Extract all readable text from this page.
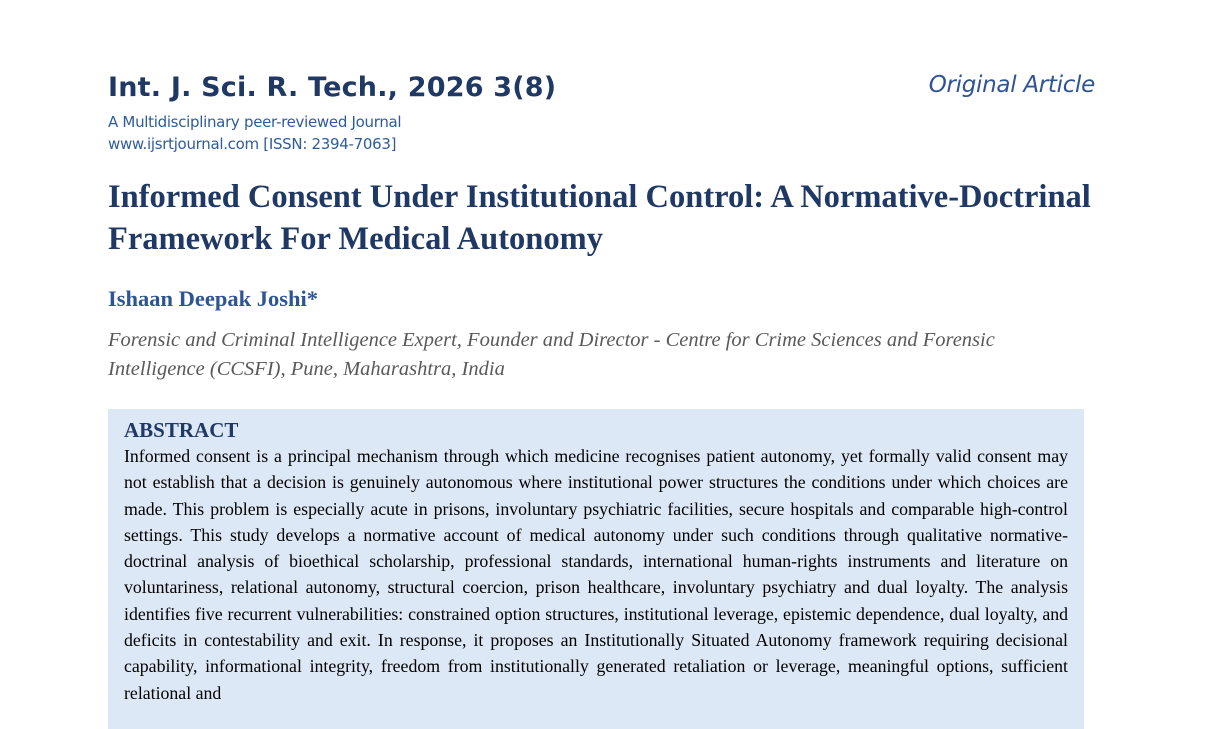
Int. J. Sci. R. Tech., 2026 3(8)
A Multidisciplinary peer-reviewed Journal
www.ijsrtjournal.com [ISSN: 2394-7063]
Original Article
Informed Consent Under Institutional Control: A Normative-Doctrinal Framework For Medical Autonomy
Ishaan Deepak Joshi*
Forensic and Criminal Intelligence Expert, Founder and Director - Centre for Crime Sciences and Forensic Intelligence (CCSFI), Pune, Maharashtra, India
ABSTRACT

Informed consent is a principal mechanism through which medicine recognises patient autonomy, yet formally valid consent may not establish that a decision is genuinely autonomous where institutional power structures the conditions under which choices are made. This problem is especially acute in prisons, involuntary psychiatric facilities, secure hospitals and comparable high-control settings. This study develops a normative account of medical autonomy under such conditions through qualitative normative-doctrinal analysis of bioethical scholarship, professional standards, international human-rights instruments and literature on voluntariness, relational autonomy, structural coercion, prison healthcare, involuntary psychiatry and dual loyalty. The analysis identifies five recurrent vulnerabilities: constrained option structures, institutional leverage, epistemic dependence, dual loyalty, and deficits in contestability and exit. In response, it proposes an Institutionally Situated Autonomy framework requiring decisional capability, informational integrity, freedom from institutionally generated retaliation or leverage, meaningful options, sufficient relational and
